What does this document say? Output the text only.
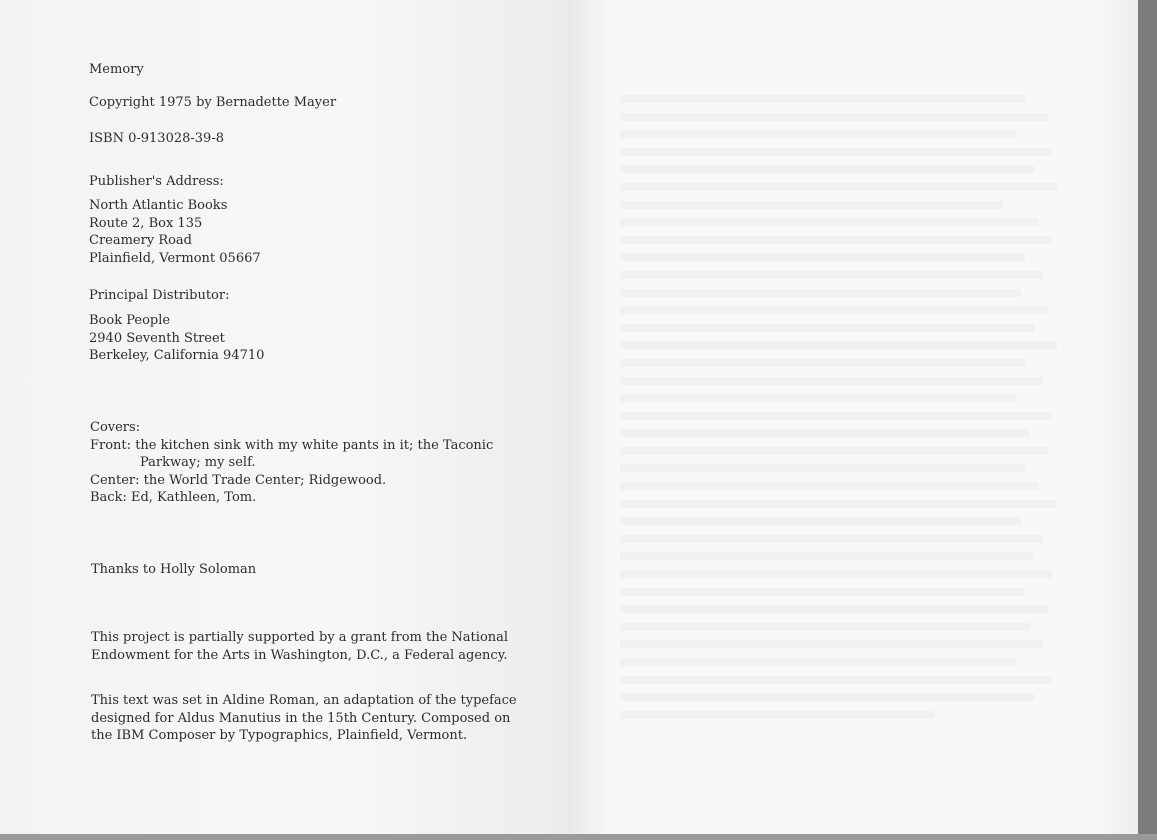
Memory
Copyright 1975 by Bernadette Mayer
ISBN 0-913028-39-8
Publisher's Address:
North Atlantic Books
Route 2, Box 135
Creamery Road
Plainfield, Vermont 05667
Principal Distributor:
Book People
2940 Seventh Street
Berkeley, California 94710
Covers:
Front: the kitchen sink with my white pants in it; the Taconic
Parkway; my self.
Center: the World Trade Center; Ridgewood.
Back: Ed, Kathleen, Tom.
Thanks to Holly Soloman
This project is partially supported by a grant from the National
Endowment for the Arts in Washington, D.C., a Federal agency.
This text was set in Aldine Roman, an adaptation of the typeface
designed for Aldus Manutius in the 15th Century. Composed on
the IBM Composer by Typographics, Plainfield, Vermont.
